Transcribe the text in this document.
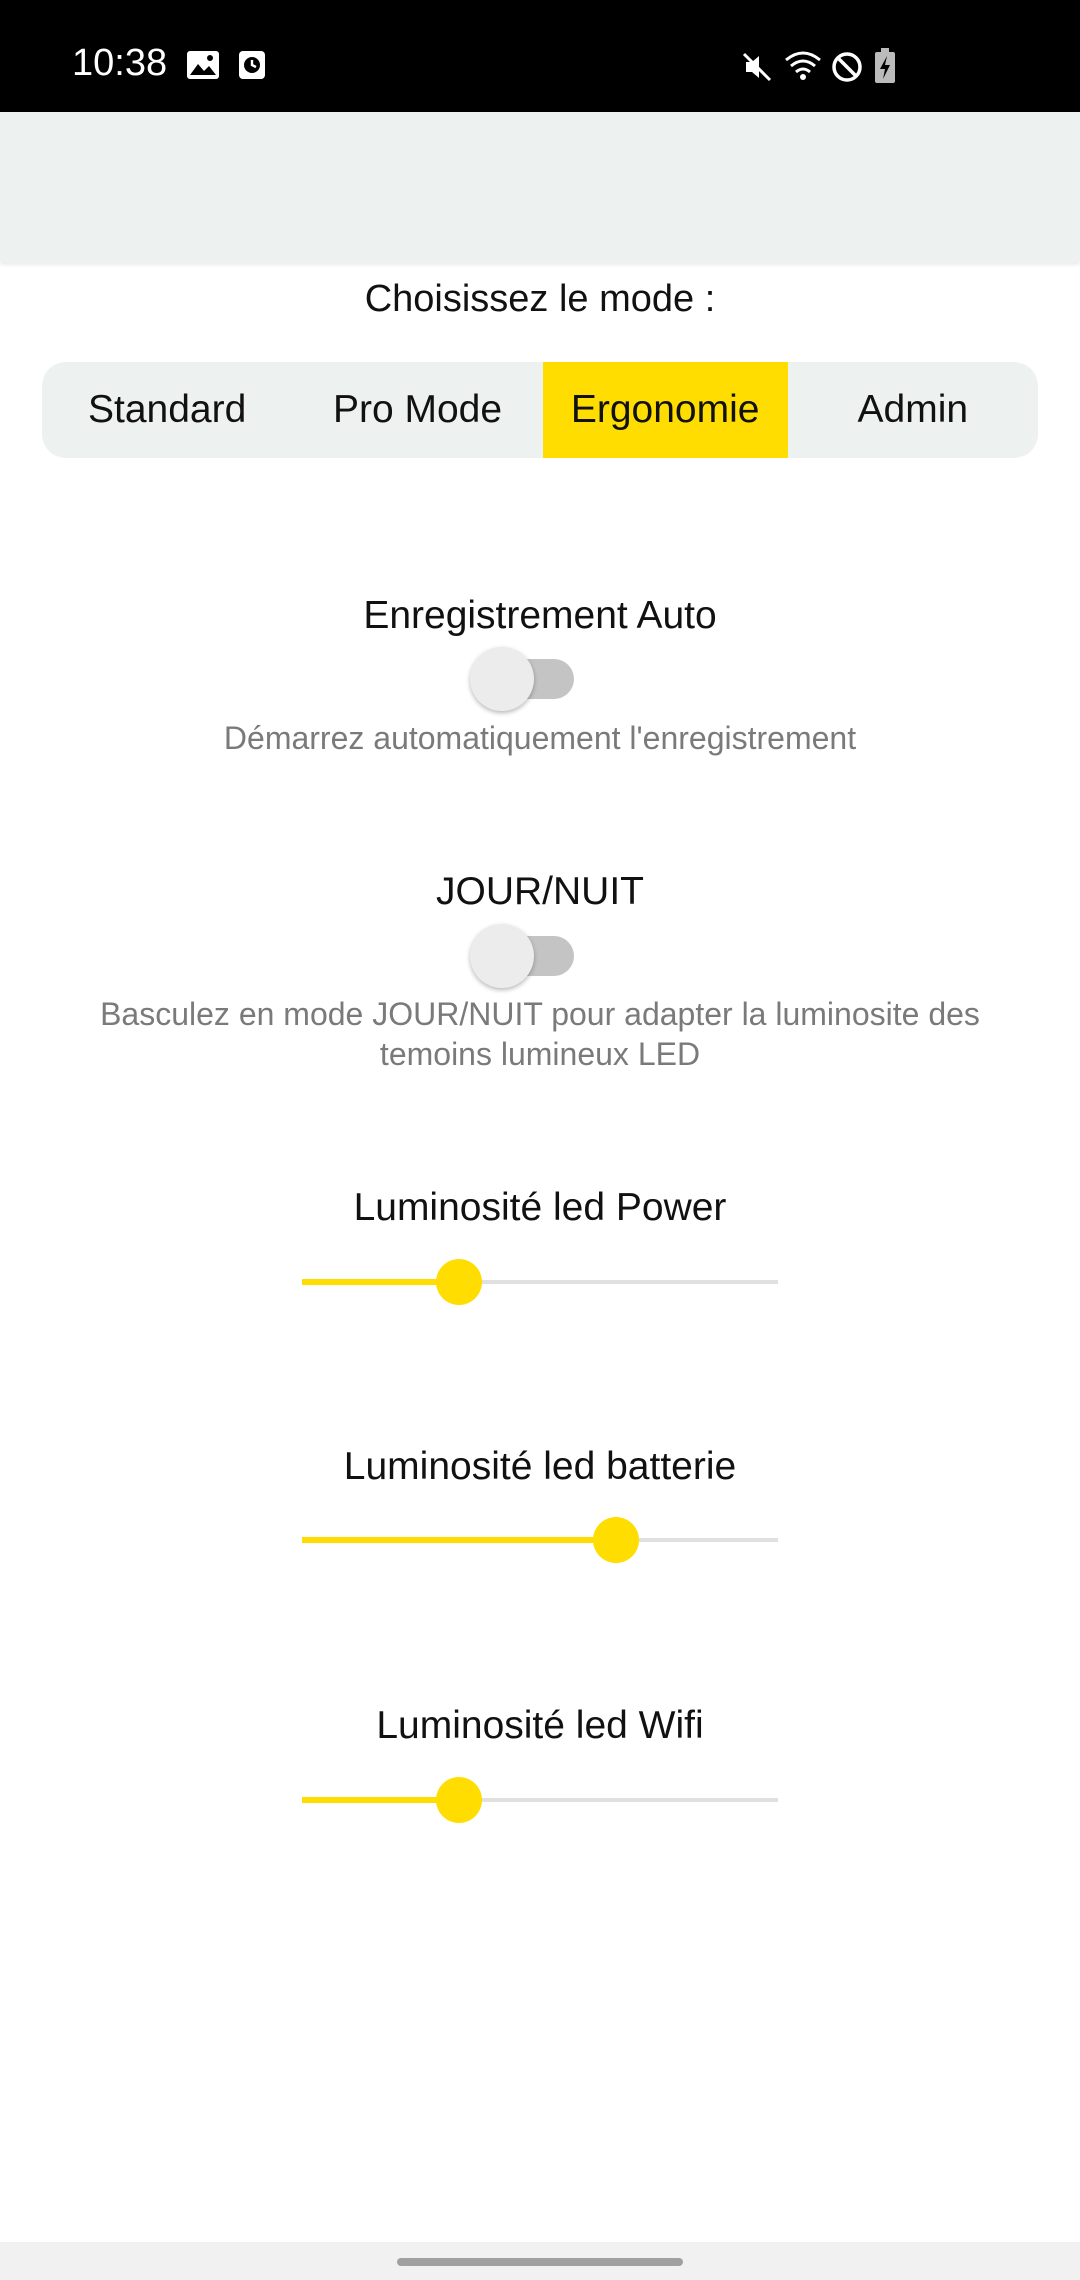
10:38
Choisissez le mode :
Standard	Pro Mode	Ergonomie	Admin
Enregistrement Auto
Démarrez automatiquement l'enregistrement
JOUR/NUIT
Basculez en mode JOUR/NUIT pour adapter la luminosite des temoins lumineux LED
Luminosité led Power
Luminosité led batterie
Luminosité led Wifi
